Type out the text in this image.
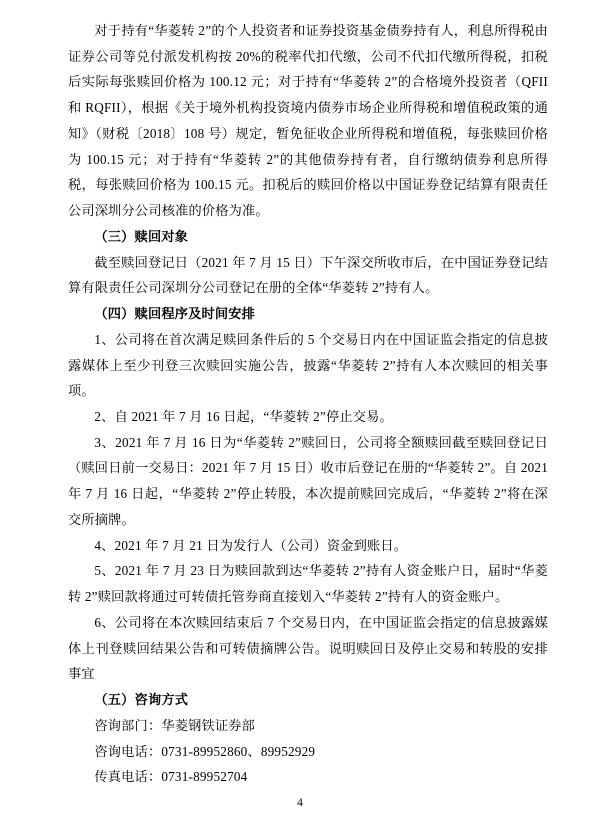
对于持有“华菱转 2”的个人投资者和证券投资基金债券持有人，利息所得税由证券公司等兑付派发机构按 20%的税率代扣代缴，公司不代扣代缴所得税，扣税后实际每张赎回价格为 100.12 元；对于持有“华菱转 2”的合格境外投资者（QFII 和 RQFII），根据《关于境外机构投资境内债券市场企业所得税和增值税政策的通知》（财税〔2018〕108 号）规定，暂免征收企业所得税和增值税，每张赎回价格为 100.15 元；对于持有“华菱转 2”的其他债券持有者，自行缴纳债券利息所得税，每张赎回价格为 100.15 元。扣税后的赎回价格以中国证券登记结算有限责任公司深圳分公司核准的价格为准。

（三）赎回对象

截至赎回登记日（2021 年 7 月 15 日）下午深交所收市后，在中国证券登记结算有限责任公司深圳分公司登记在册的全体“华菱转 2”持有人。

（四）赎回程序及时间安排

1、公司将在首次满足赎回条件后的 5 个交易日内在中国证监会指定的信息披露媒体上至少刊登三次赎回实施公告，披露“华菱转 2”持有人本次赎回的相关事项。

2、自 2021 年 7 月 16 日起，“华菱转 2”停止交易。

3、2021 年 7 月 16 日为“华菱转 2”赎回日，公司将全额赎回截至赎回登记日（赎回日前一交易日：2021 年 7 月 15 日）收市后登记在册的“华菱转 2”。自 2021 年 7 月 16 日起，“华菱转 2”停止转股，本次提前赎回完成后，“华菱转 2”将在深交所摘牌。

4、2021 年 7 月 21 日为发行人（公司）资金到账日。

5、2021 年 7 月 23 日为赎回款到达“华菱转 2”持有人资金账户日，届时“华菱转 2”赎回款将通过可转债托管券商直接划入“华菱转 2”持有人的资金账户。

6、公司将在本次赎回结束后 7 个交易日内，在中国证监会指定的信息披露媒体上刊登赎回结果公告和可转债摘牌公告。说明赎回日及停止交易和转股的安排事宜

（五）咨询方式

咨询部门：华菱钢铁证券部

咨询电话：0731-89952860、89952929

传真电话：0731-89952704

4
